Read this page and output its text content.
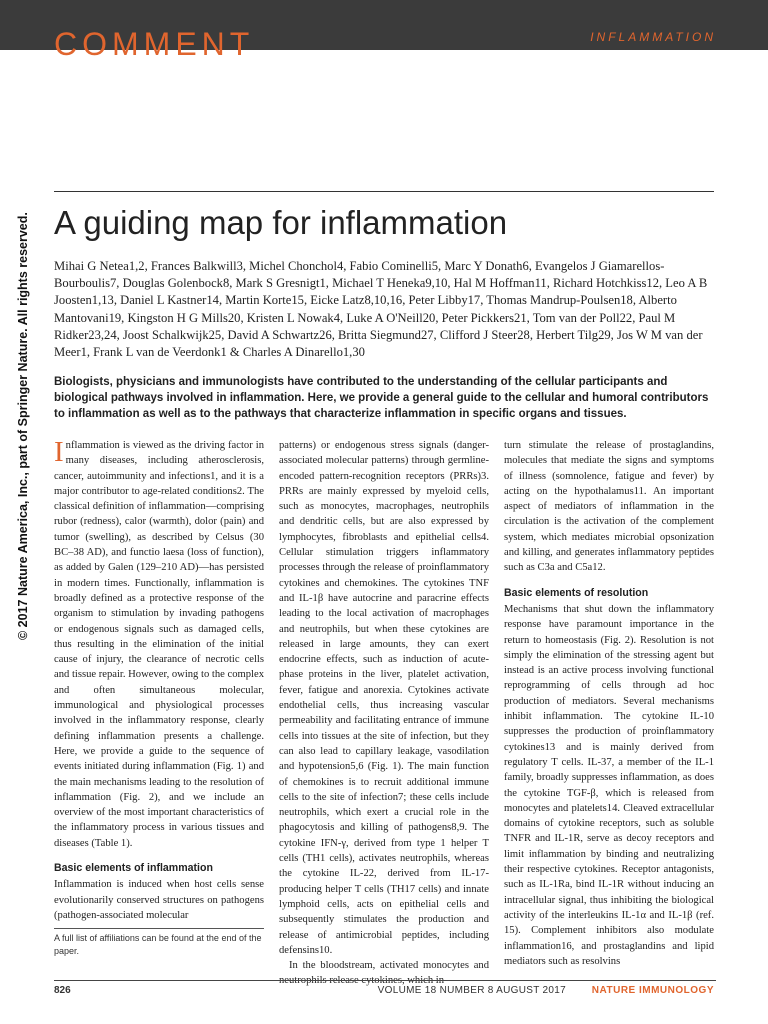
COMMENT	INFLAMMATION
© 2017 Nature America, Inc., part of Springer Nature. All rights reserved. A guiding map for inflammation
Mihai G Netea1,2, Frances Balkwill3, Michel Chonchol4, Fabio Cominelli5, Marc Y Donath6, Evangelos J Giamarellos-Bourboulis7, Douglas Golenbock8, Mark S Gresnigt1, Michael T Heneka9,10, Hal M Hoffman11, Richard Hotchkiss12, Leo A B Joosten1,13, Daniel L Kastner14, Martin Korte15, Eicke Latz8,10,16, Peter Libby17, Thomas Mandrup-Poulsen18, Alberto Mantovani19, Kingston H G Mills20, Kristen L Nowak4, Luke A O'Neill20, Peter Pickkers21, Tom van der Poll22, Paul M Ridker23,24, Joost Schalkwijk25, David A Schwartz26, Britta Siegmund27, Clifford J Steer28, Herbert Tilg29, Jos W M van der Meer1, Frank L van de Veerdonk1 & Charles A Dinarello1,30
Biologists, physicians and immunologists have contributed to the understanding of the cellular participants and biological pathways involved in inflammation. Here, we provide a general guide to the cellular and humoral contributors to inflammation as well as to the pathways that characterize inflammation in specific organs and tissues.

Inflammation is viewed as the driving factor in many diseases, including atherosclerosis, cancer, autoimmunity and infections1, and it is a major contributor to age-related conditions2. The classical definition of inflammation—comprising rubor (redness), calor (warmth), dolor (pain) and tumor (swelling), as described by Celsus (30 BC–38 AD), and functio laesa (loss of function), as added by Galen (129–210 AD)—has persisted in modern times. Functionally, inflammation is broadly defined as a protective response of the organism to stimulation by invading pathogens or endogenous signals such as damaged cells, thus resulting in the elimination of the initial cause of injury, the clearance of necrotic cells and tissue repair. However, owing to the complex and often simultaneous molecular, immunological and physiological processes involved in the inflammatory response, clearly defining inflammation presents a challenge. Here, we provide a guide to the sequence of events initiated during inflammation (Fig. 1) and the main mechanisms leading to the resolution of inflammation (Fig. 2), and we include an overview of the most important characteristics of the inflammatory process in various tissues and diseases (Table 1).

Basic elements of inflammation

Inflammation is induced when host cells sense evolutionarily conserved structures on pathogens (pathogen-associated molecular

patterns) or endogenous stress signals (danger-associated molecular patterns) through germline-encoded pattern-recognition receptors (PRRs)3. PRRs are mainly expressed by myeloid cells, such as monocytes, macrophages, neutrophils and dendritic cells, but are also expressed by lymphocytes, fibroblasts and epithelial cells4. Cellular stimulation triggers inflammatory processes through the release of proinflammatory cytokines and chemokines. The cytokines TNF and IL-1β have autocrine and paracrine effects leading to the local activation of macrophages and neutrophils, but when these cytokines are released in large amounts, they can exert endocrine effects, such as induction of acute-phase proteins in the liver, platelet activation, fever, fatigue and anorexia. Cytokines activate endothelial cells, thus increasing vascular permeability and facilitating entrance of immune cells into tissues at the site of infection, but they can also lead to capillary leakage, vasodilation and hypotension5,6 (Fig. 1). The main function of chemokines is to recruit additional immune cells to the site of infection7; these cells include neutrophils, which exert a crucial role in the phagocytosis and killing of pathogens8,9. The cytokine IFN-γ, derived from type 1 helper T cells (TH1 cells), activates neutrophils, whereas the cytokine IL-22, derived from IL-17-producing helper T cells (TH17 cells) and innate lymphoid cells, acts on epithelial cells and subsequently stimulates the production and release of antimicrobial peptides, including defensins10.

In the bloodstream, activated monocytes and

turn stimulate the release of prostaglandins, molecules that mediate the signs and symptoms of illness (somnolence, fatigue and fever) by acting on the hypothalamus11. An important aspect of mediators of inflammation in the circulation is the activation of the complement system, which mediates microbial opsonization and killing, and generates inflammatory peptides such as C3a and C5a12.

Basic elements of resolution

Mechanisms that shut down the inflammatory response have paramount importance in the return to homeostasis (Fig. 2). Resolution is not simply the elimination of the stressing agent but instead is an active process involving functional reprogramming of cells through ad hoc production of mediators. Several mechanisms inhibit inflammation. The cytokine IL-10 suppresses the production of proinflammatory cytokines13 and is mainly derived from regulatory T cells. IL-37, a member of the IL-1 family, broadly suppresses inflammation, as does the cytokine TGF-β, which is released from monocytes and platelets14. Cleaved extracellular domains of cytokine receptors, such as soluble TNFR and IL-1R, serve as decoy receptors and limit inflammation by binding and neutralizing their respective cytokines. Receptor antagonists, such as IL-1Ra, bind IL-1R without inducing an intracellular signal, thus inhibiting the biological activity of the interleukins IL-1α and IL-1β (ref. 15). Complement inhibitors also modulate inflammation16, and prostaglandins and lipid mediators such as resolvins

A full list of affiliations can be found at the end of the paper.
826	VOLUME 18 NUMBER 8 AUGUST 2017	NATURE IMMUNOLOGY
